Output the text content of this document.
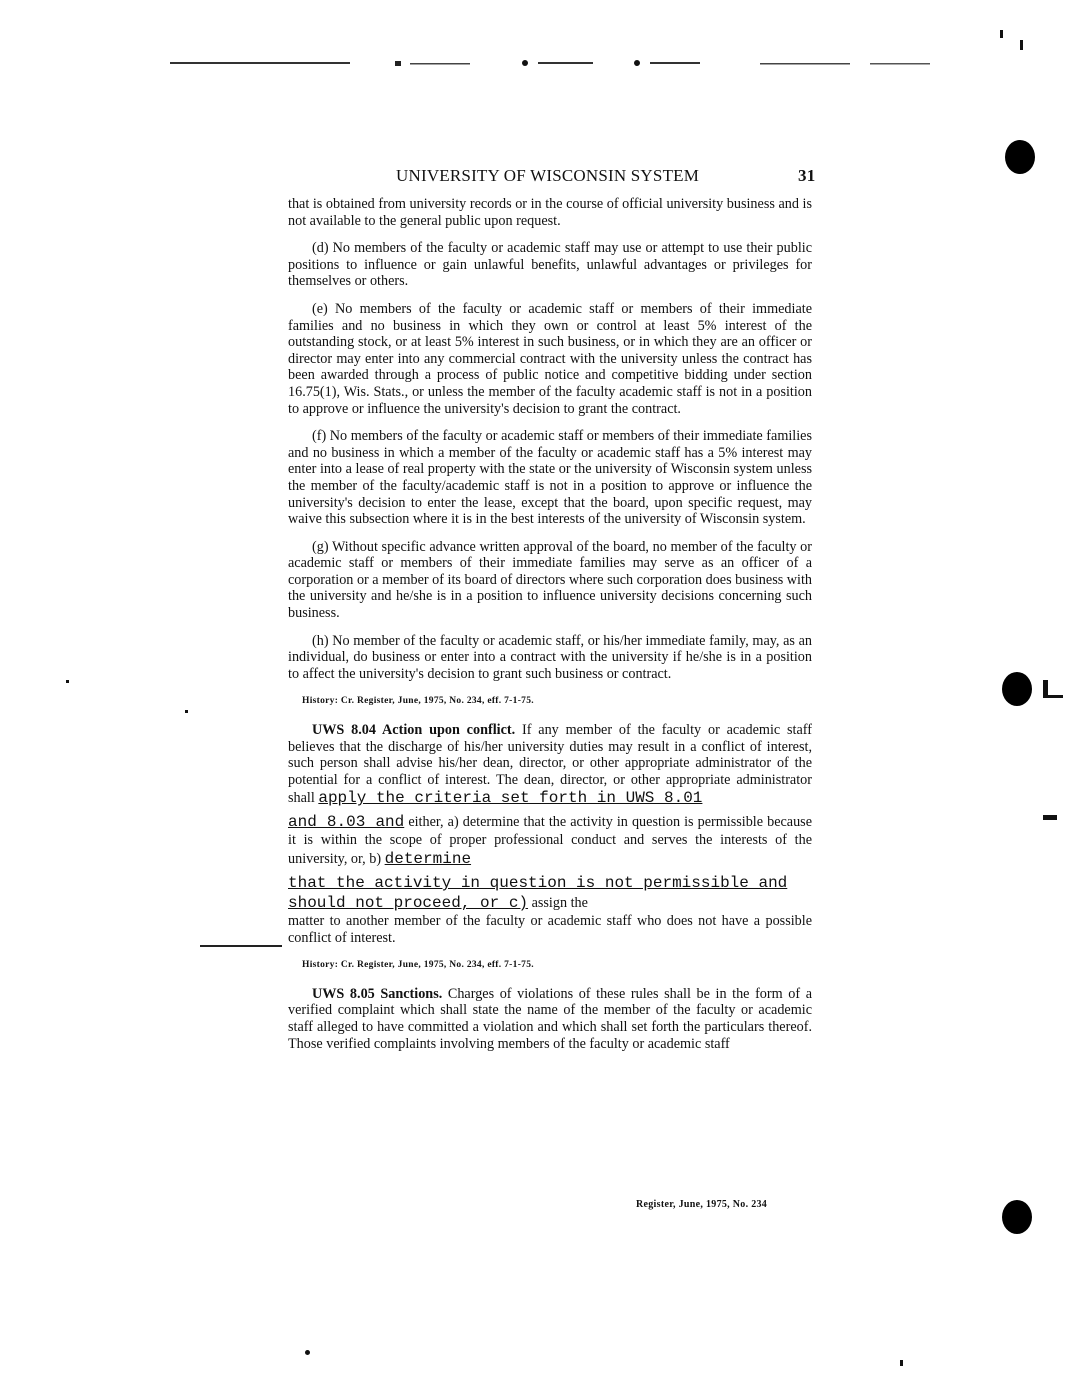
UNIVERSITY OF WISCONSIN SYSTEM	31

that is obtained from university records or in the course of official university business and is not available to the general public upon request.

(d) No members of the faculty or academic staff may use or attempt to use their public positions to influence or gain unlawful benefits, unlawful advantages or privileges for themselves or others.

(e) No members of the faculty or academic staff or members of their immediate families and no business in which they own or control at least 5% interest of the outstanding stock, or at least 5% interest in such business, or in which they are an officer or director may enter into any commercial contract with the university unless the contract has been awarded through a process of public notice and competitive bidding under section 16.75(1), Wis. Stats., or unless the member of the faculty academic staff is not in a position to approve or influence the university's decision to grant the contract.

(f) No members of the faculty or academic staff or members of their immediate families and no business in which a member of the faculty or academic staff has a 5% interest may enter into a lease of real property with the state or the university of Wisconsin system unless the member of the faculty/academic staff is not in a position to approve or influence the university's decision to enter the lease, except that the board, upon specific request, may waive this subsection where it is in the best interests of the university of Wisconsin system.

(g) Without specific advance written approval of the board, no member of the faculty or academic staff or members of their immediate families may serve as an officer of a corporation or a member of its board of directors where such corporation does business with the university and he/she is in a position to influence university decisions concerning such business.

(h) No member of the faculty or academic staff, or his/her immediate family, may, as an individual, do business or enter into a contract with the university if he/she is in a position to affect the university's decision to grant such business or contract.

History: Cr. Register, June, 1975, No. 234, eff. 7-1-75.

UWS 8.04 Action upon conflict. If any member of the faculty or academic staff believes that the discharge of his/her university duties may result in a conflict of interest, such person shall advise his/her dean, director, or other appropriate administrator of the potential for a conflict of interest. The dean, director, or other appropriate administrator shall apply the criteria set forth in UWS 8.01

and 8.03 and either, a) determine that the activity in question is permissible because it is within the scope of proper professional conduct and serves the interests of the university, or, b) determine

that the activity in question is not permissible and
should not proceed, or c) assign the

matter to another member of the faculty or academic staff who does not have a possible conflict of interest.

History: Cr. Register, June, 1975, No. 234, eff. 7-1-75.

UWS 8.05 Sanctions. Charges of violations of these rules shall be in the form of a verified complaint which shall state the name of the member of the faculty or academic staff alleged to have committed a violation and which shall set forth the particulars thereof. Those verified complaints involving members of the faculty or academic staff

Register, June, 1975, No. 234
